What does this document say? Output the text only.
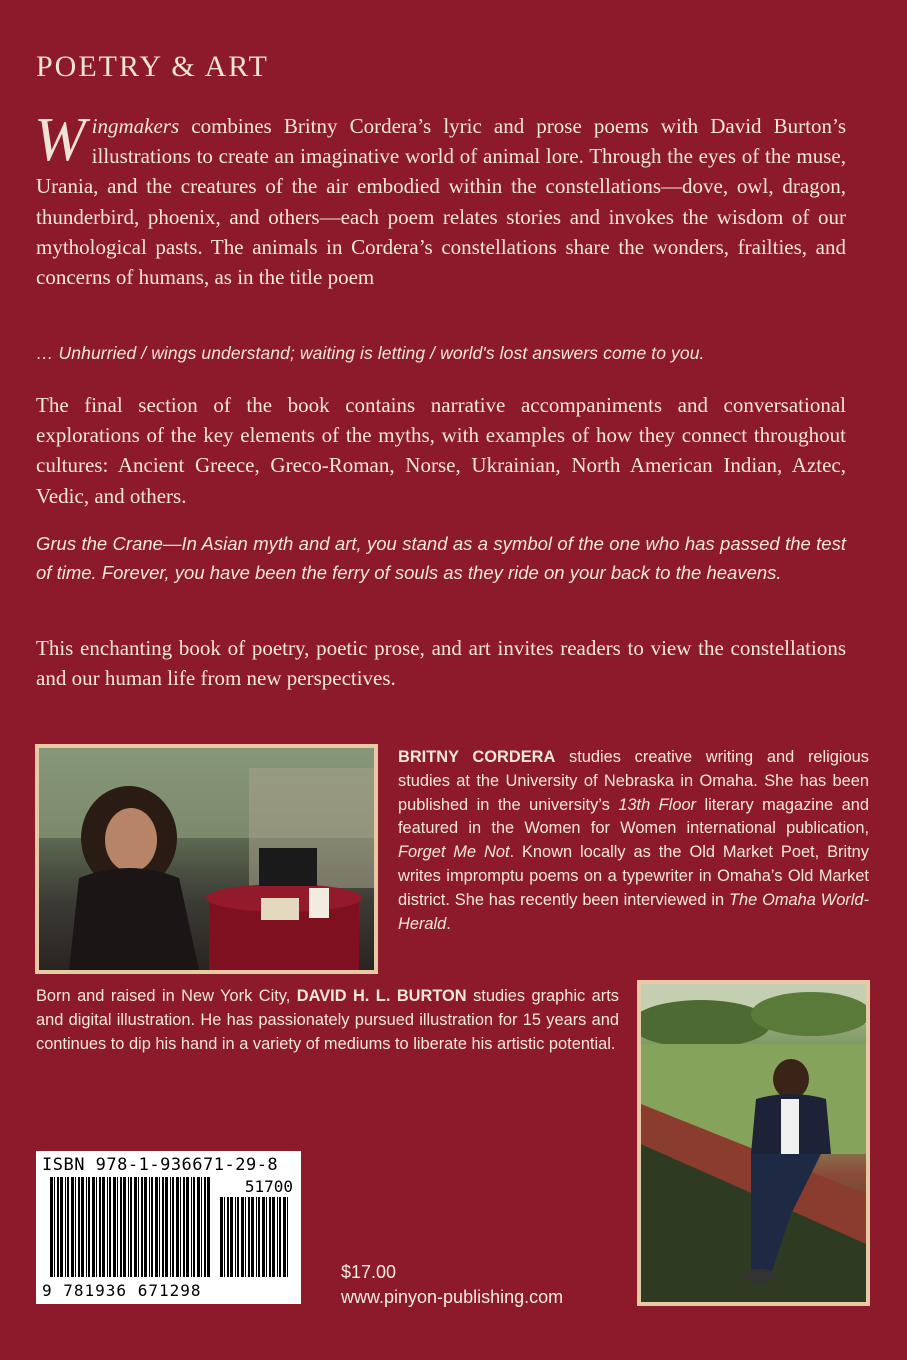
POETRY & ART
Wingmakers combines Britny Cordera’s lyric and prose poems with David Burton’s illustrations to create an imaginative world of animal lore. Through the eyes of the muse, Urania, and the creatures of the air embodied within the constellations—dove, owl, dragon, thunderbird, phoenix, and others—each poem relates stories and invokes the wisdom of our mythological pasts. The animals in Cordera’s constellations share the wonders, frailties, and concerns of humans, as in the title poem
… Unhurried / wings understand; waiting is letting / world's lost answers come to you.
The final section of the book contains narrative accompaniments and conversational explorations of the key elements of the myths, with examples of how they connect throughout cultures: Ancient Greece, Greco-Roman, Norse, Ukrainian, North American Indian, Aztec, Vedic, and others.
Grus the Crane—In Asian myth and art, you stand as a symbol of the one who has passed the test of time. Forever, you have been the ferry of souls as they ride on your back to the heavens.
This enchanting book of poetry, poetic prose, and art invites readers to view the constellations and our human life from new perspectives.
BRITNY CORDERA studies creative writing and religious studies at the University of Nebraska in Omaha. She has been published in the university’s 13th Floor literary magazine and featured in the Women for Women international publication, Forget Me Not. Known locally as the Old Market Poet, Britny writes impromptu poems on a typewriter in Omaha’s Old Market district. She has recently been interviewed in The Omaha World-Herald.
Born and raised in New York City, DAVID H. L. BURTON studies graphic arts and digital illustration. He has passionately pursued illustration for 15 years and continues to dip his hand in a variety of mediums to liberate his artistic potential.
ISBN 978-1-936671-29-8
51700
9 781936 671298
$17.00
www.pinyon-publishing.com
